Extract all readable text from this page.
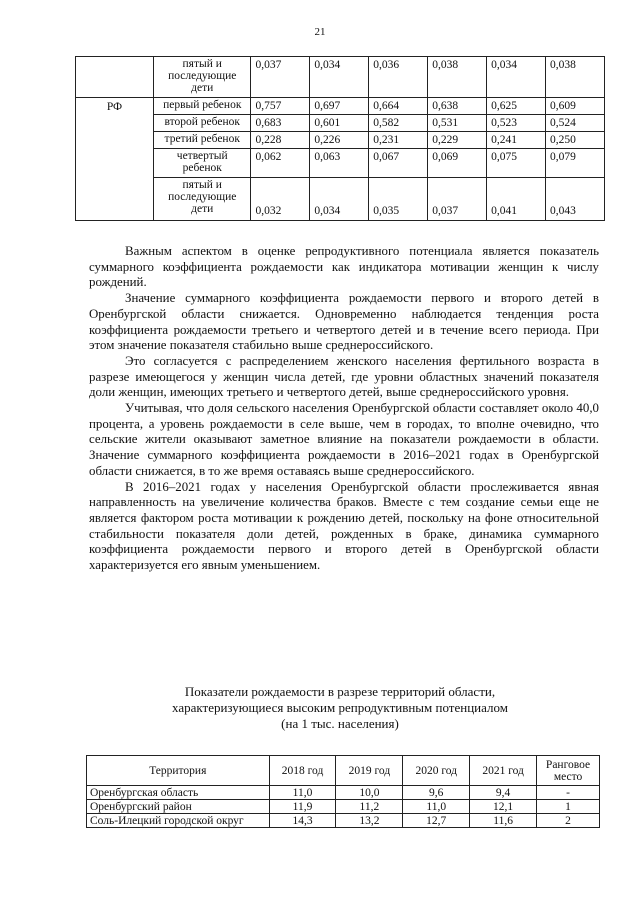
21
	пятый и последующие дети	0,037	0,034	0,036	0,038	0,034	0,038
РФ	первый ребенок	0,757	0,697	0,664	0,638	0,625	0,609
	второй ребенок	0,683	0,601	0,582	0,531	0,523	0,524
	третий ребенок	0,228	0,226	0,231	0,229	0,241	0,250
	четвертый ребенок	0,062	0,063	0,067	0,069	0,075	0,079
	пятый и последующие дети	0,032	0,034	0,035	0,037	0,041	0,043

Важным аспектом в оценке репродуктивного потенциала является показатель суммарного коэффициента рождаемости как индикатора мотивации женщин к числу рождений.

Значение суммарного коэффициента рождаемости первого и второго детей в Оренбургской области снижается. Одновременно наблюдается тенденция роста коэффициента рождаемости третьего и четвертого детей и в течение всего периода. При этом значение показателя стабильно выше среднероссийского.

Это согласуется с распределением женского населения фертильного возраста в разрезе имеющегося у женщин числа детей, где уровни областных значений показателя доли женщин, имеющих третьего и четвертого детей, выше среднероссийского уровня.

Учитывая, что доля сельского населения Оренбургской области составляет около 40,0 процента, а уровень рождаемости в селе выше, чем в городах, то вполне очевидно, что сельские жители оказывают заметное влияние на показатели рождаемости в области. Значение суммарного коэффициента рождаемости в 2016–2021 годах в Оренбургской области снижается, в то же время оставаясь выше среднероссийского.

В 2016–2021 годах у населения Оренбургской области прослеживается явная направленность на увеличение количества браков. Вместе с тем создание семьи еще не является фактором роста мотивации к рождению детей, поскольку на фоне относительной стабильности показателя доли детей, рожденных в браке, динамика суммарного коэффициента рождаемости первого и второго детей в Оренбургской области характеризуется его явным уменьшением.

Показатели рождаемости в разрезе территорий области,
характеризующиеся высоким репродуктивным потенциалом
(на 1 тыс. населения)
Территория	2018 год	2019 год	2020 год	2021 год	Ранговое место
Оренбургская область	11,0	10,0	9,6	9,4	-
Оренбургский район	11,9	11,2	11,0	12,1	1
Соль-Илецкий городской округ	14,3	13,2	12,7	11,6	2
